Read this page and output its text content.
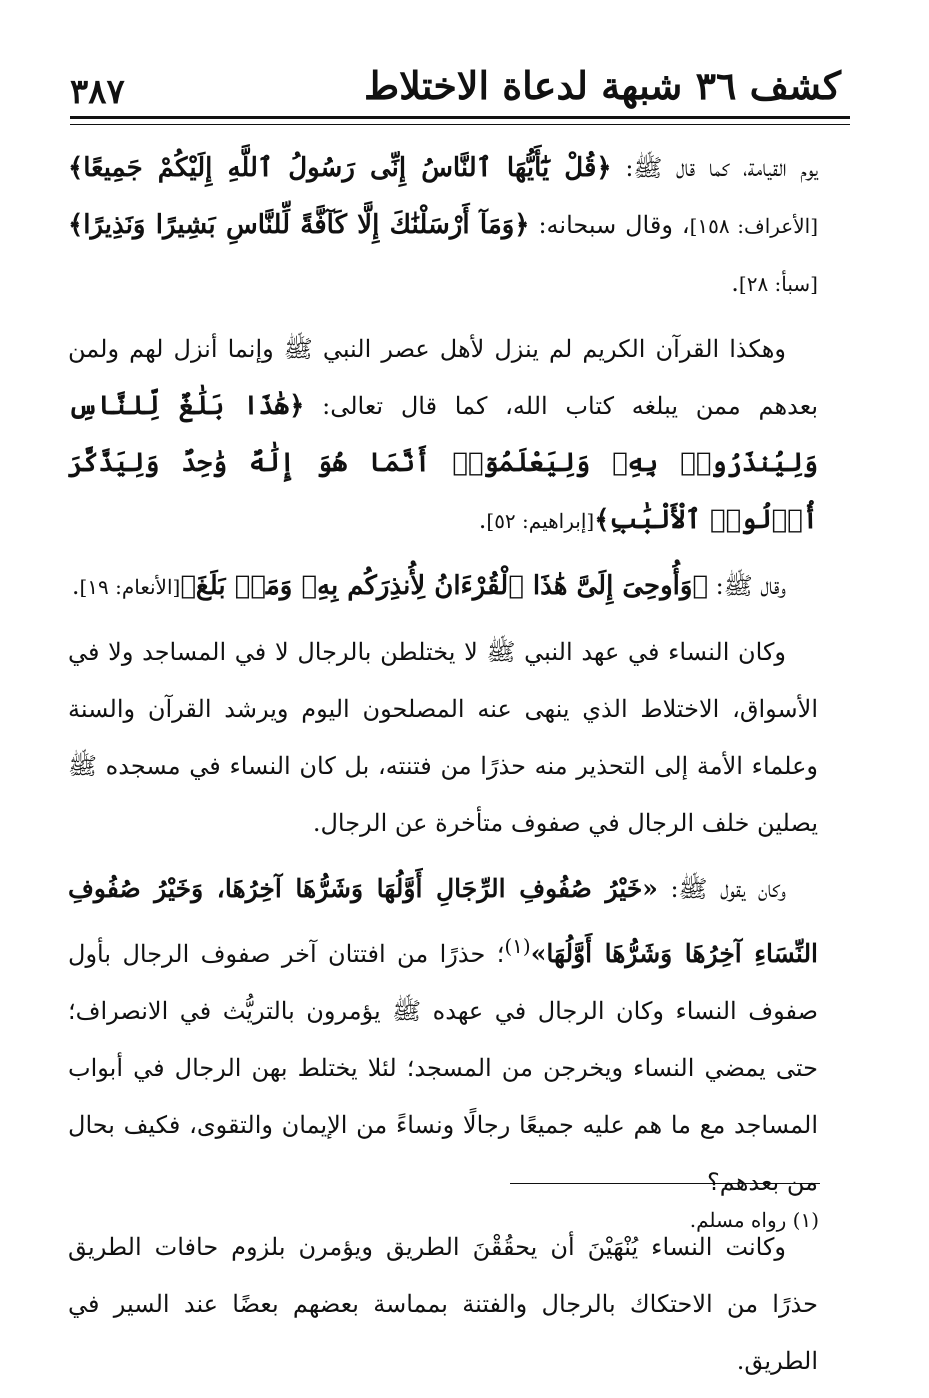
كشف ٣٦ شبهة لدعاة الاختلاط
٣٨٧

يوم القيامة، كما قال ﷺ: ﴿قُلْ يَٰٓأَيُّهَا ٱلنَّاسُ إِنِّى رَسُولُ ٱللَّهِ إِلَيْكُمْ جَمِيعًا﴾[الأعراف: ١٥٨]، وقال سبحانه: ﴿وَمَآ أَرْسَلْنَٰكَ إِلَّا كَآفَّةً لِّلنَّاسِ بَشِيرًا وَنَذِيرًا﴾[سبأ: ٢٨].

وهكذا القرآن الكريم لم ينزل لأهل عصر النبي ﷺ وإنما أنزل لهم ولمن بعدهم ممن يبلغه كتاب الله، كما قال تعالى: ﴿هَٰذَا بَلَٰغٌ لِّلنَّاسِ وَلِيُنذَرُوا۟ بِهِۦ وَلِيَعْلَمُوٓا۟ أَنَّمَا هُوَ إِلَٰهٌ وَٰحِدٌ وَلِيَذَّكَّرَ أُو۟لُوا۟ ٱلْأَلْبَٰبِ﴾[إبراهيم: ٥٢].

وقال ﷺ: ﴿وَأُوحِىَ إِلَىَّ هَٰذَا ٱلْقُرْءَانُ لِأُنذِرَكُم بِهِۦ وَمَنۢ بَلَغَ﴾[الأنعام: ١٩].

وكان النساء في عهد النبي ﷺ لا يختلطن بالرجال لا في المساجد ولا في الأسواق، الاختلاط الذي ينهى عنه المصلحون اليوم ويرشد القرآن والسنة وعلماء الأمة إلى التحذير منه حذرًا من فتنته، بل كان النساء في مسجده ﷺ يصلين خلف الرجال في صفوف متأخرة عن الرجال.

وكان يقول ﷺ: «خَيْرُ صُفُوفِ الرِّجَالِ أَوَّلُهَا وَشَرُّهَا آخِرُهَا، وَخَيْرُ صُفُوفِ النِّسَاءِ آخِرُهَا وَشَرُّهَا أَوَّلُهَا»$^{(١)}$؛ حذرًا من افتتان آخر صفوف الرجال بأول صفوف النساء وكان الرجال في عهده ﷺ يؤمرون بالتريُّث في الانصراف؛ حتى يمضي النساء ويخرجن من المسجد؛ لئلا يختلط بهن الرجال في أبواب المساجد مع ما هم عليه جميعًا رجالًا ونساءً من الإيمان والتقوى، فكيف بحال من بعدهم؟

وكانت النساء يُنْهَيْنَ أن يحقُقْنَ الطريق ويؤمرن بلزوم حافات الطريق حذرًا من الاحتكاك بالرجال والفتنة بمماسة بعضهم بعضًا عند السير في الطريق.

(١) رواه مسلم.
